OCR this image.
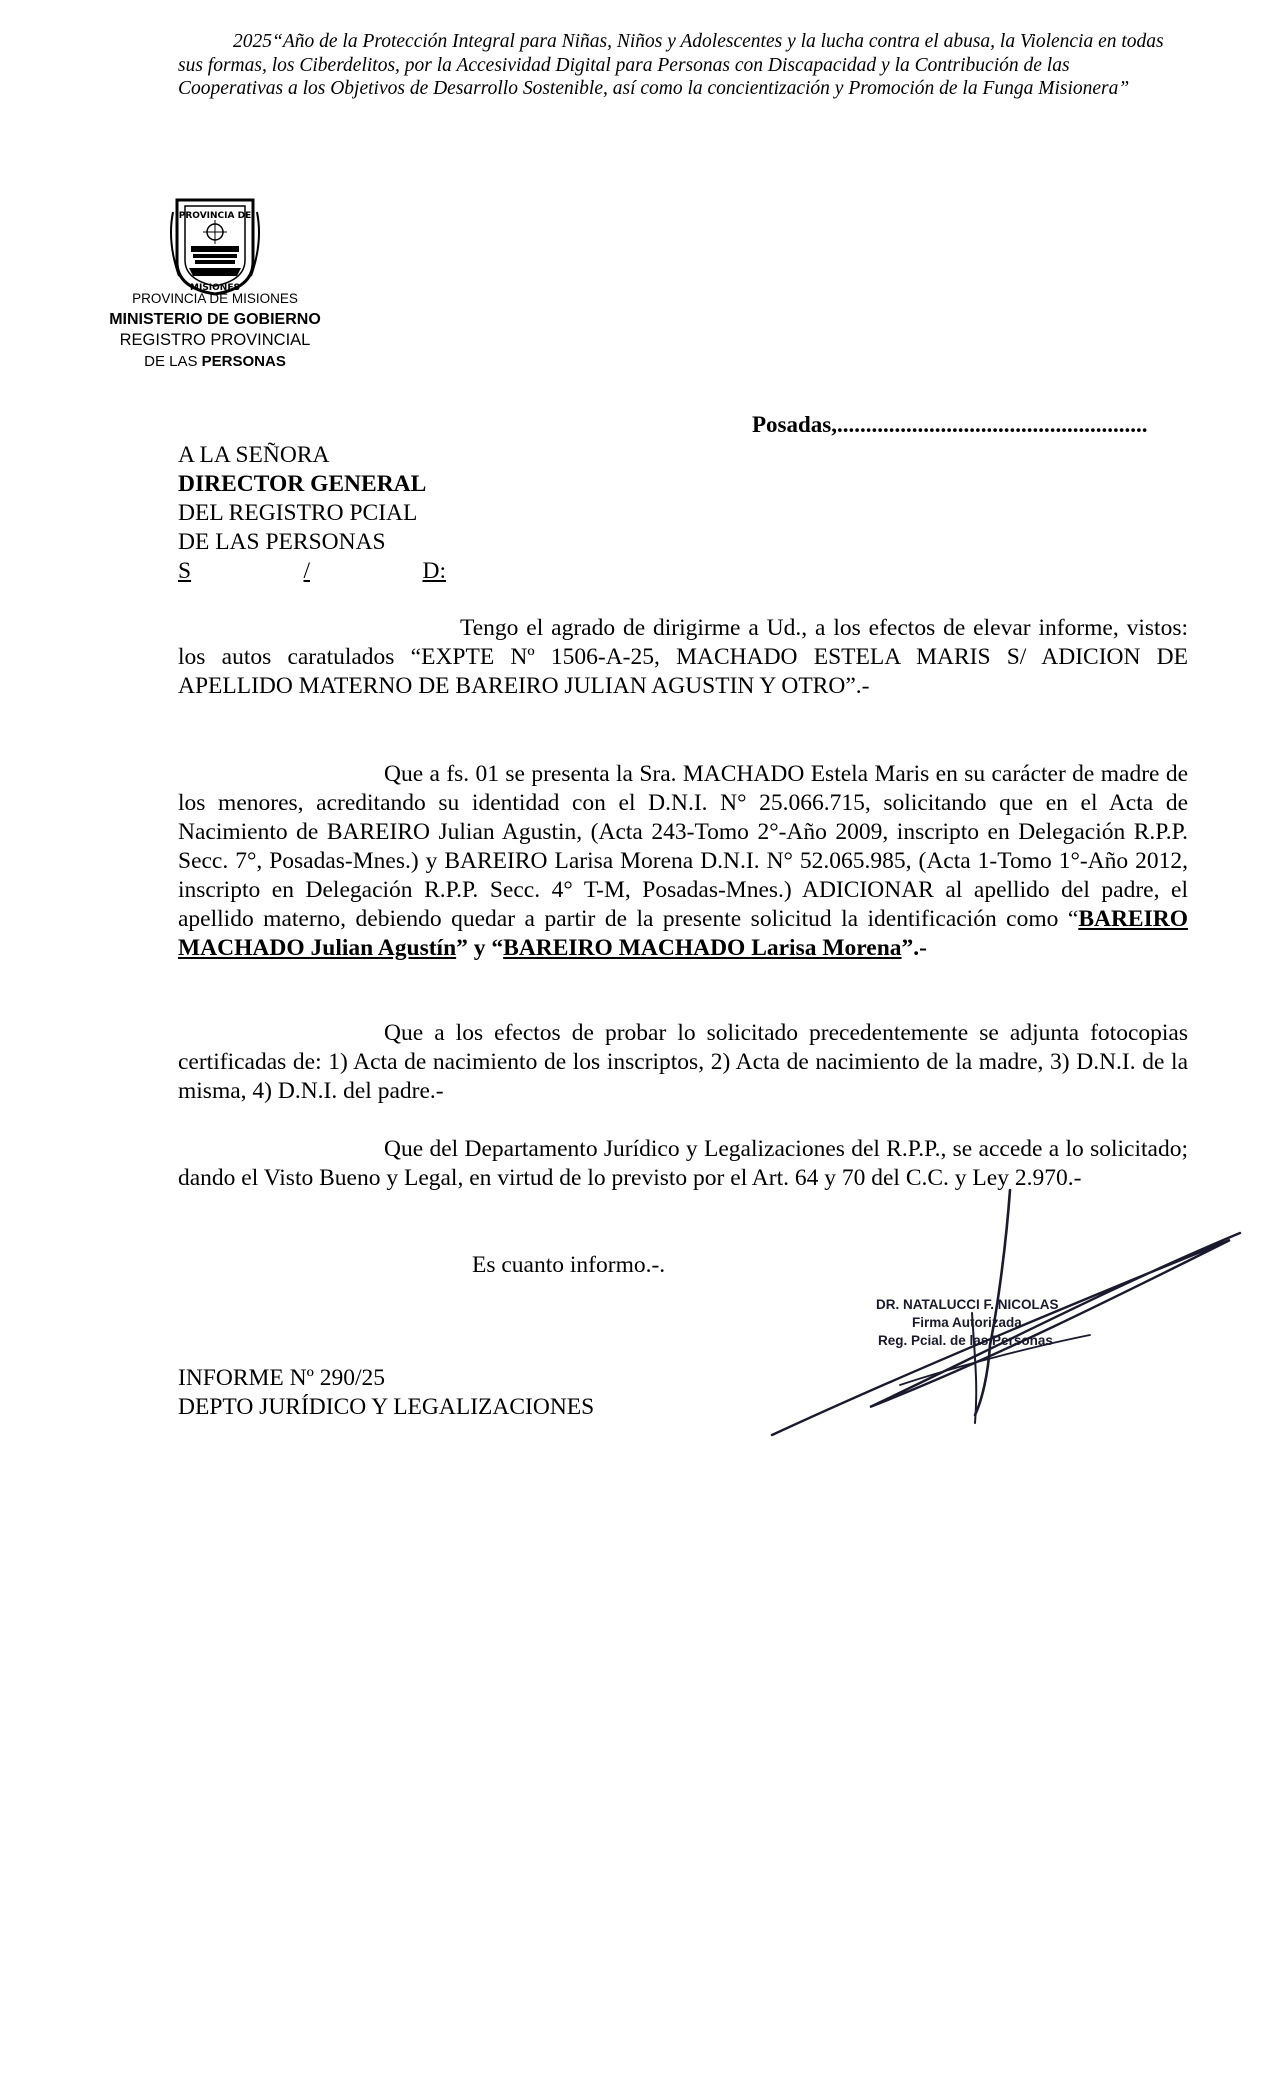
2025“Año de la Protección Integral para Niñas, Niños y Adolescentes y la lucha contra el abusa, la Violencia en todas sus formas, los Ciberdelitos, por la Accesividad Digital para Personas con Discapacidad y la Contribución de las Cooperativas a los Objetivos de Desarrollo Sostenible, así como la concientización y Promoción de la Funga Misionera”
PROVINCIA DE
MISIONES
PROVINCIA DE MISIONES
MINISTERIO DE GOBIERNO
REGISTRO PROVINCIAL
DE LAS PERSONAS
Posadas,......................................................
A LA SEÑORA
DIRECTOR GENERAL
DEL REGISTRO PCIAL
DE LAS PERSONAS
S	/	D:
Tengo el agrado de dirigirme a Ud., a los efectos de elevar informe, vistos: los autos caratulados “EXPTE Nº 1506-A-25, MACHADO ESTELA MARIS S/ ADICION DE APELLIDO MATERNO DE BAREIRO JULIAN AGUSTIN Y OTRO”.-
Que a fs. 01 se presenta la Sra. MACHADO Estela Maris en su carácter de madre de los menores, acreditando su identidad con el D.N.I. N° 25.066.715, solicitando que en el Acta de Nacimiento de BAREIRO Julian Agustin, (Acta 243-Tomo 2°-Año 2009, inscripto en Delegación R.P.P. Secc. 7°, Posadas-Mnes.) y BAREIRO Larisa Morena D.N.I. N° 52.065.985, (Acta 1-Tomo 1°-Año 2012, inscripto en Delegación R.P.P. Secc. 4° T-M, Posadas-Mnes.) ADICIONAR al apellido del padre, el apellido materno, debiendo quedar a partir de la presente solicitud la identificación como “BAREIRO MACHADO Julian Agustín” y “BAREIRO MACHADO Larisa Morena”.-
Que a los efectos de probar lo solicitado precedentemente se adjunta fotocopias certificadas de: 1) Acta de nacimiento de los inscriptos, 2) Acta de nacimiento de la madre, 3) D.N.I. de la misma, 4) D.N.I. del padre.-
Que del Departamento Jurídico y Legalizaciones del R.P.P., se accede a lo solicitado; dando el Visto Bueno y Legal, en virtud de lo previsto por el Art. 64 y 70 del C.C. y Ley 2.970.-
Es cuanto informo.-.
DR. NATALUCCI F. NICOLAS
Firma Autorizada
Reg. Pcial. de las Personas
INFORME Nº 290/25
DEPTO JURÍDICO Y LEGALIZACIONES
